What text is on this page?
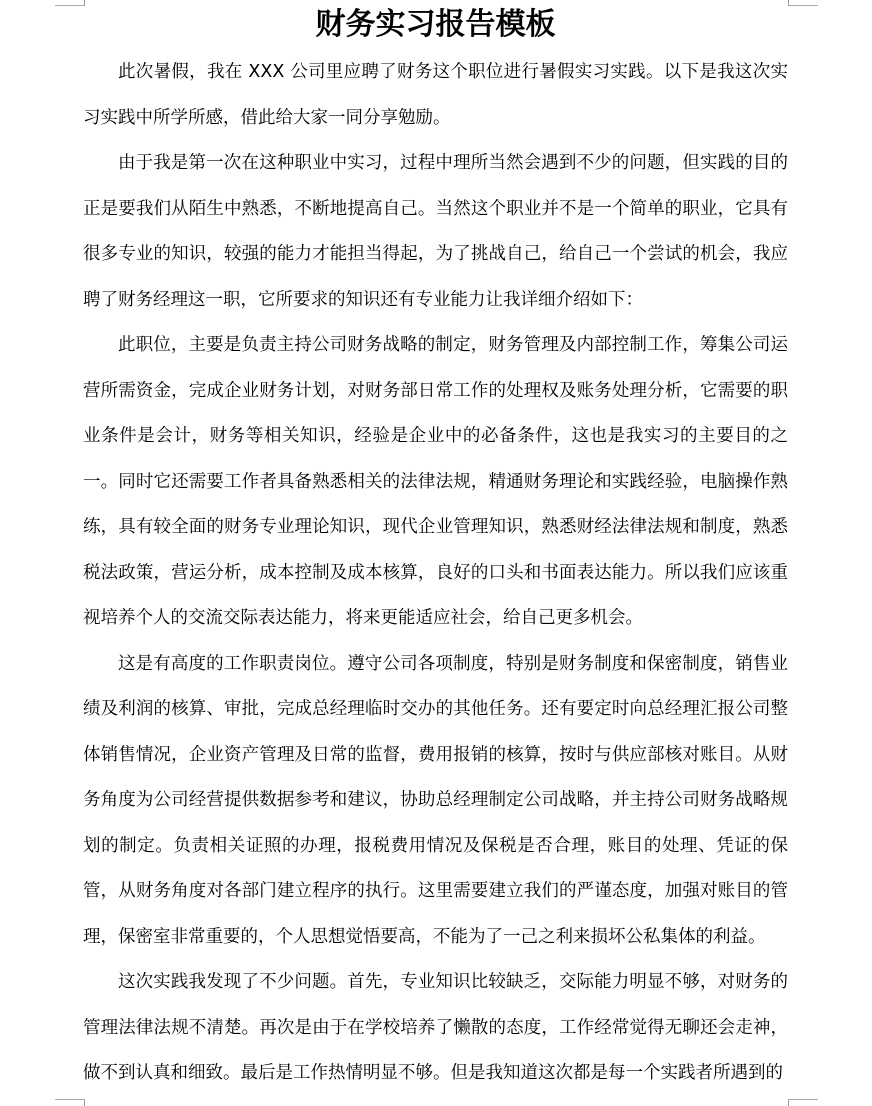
财务实习报告模板

此次暑假，我在 XXX 公司里应聘了财务这个职位进行暑假实习实践。以下是我这次实习实践中所学所感，借此给大家一同分享勉励。

由于我是第一次在这种职业中实习，过程中理所当然会遇到不少的问题，但实践的目的正是要我们从陌生中熟悉，不断地提高自己。当然这个职业并不是一个简单的职业，它具有很多专业的知识，较强的能力才能担当得起，为了挑战自己，给自己一个尝试的机会，我应聘了财务经理这一职，它所要求的知识还有专业能力让我详细介绍如下：

此职位，主要是负责主持公司财务战略的制定，财务管理及内部控制工作，筹集公司运营所需资金，完成企业财务计划，对财务部日常工作的处理权及账务处理分析，它需要的职业条件是会计，财务等相关知识，经验是企业中的必备条件，这也是我实习的主要目的之一。同时它还需要工作者具备熟悉相关的法律法规，精通财务理论和实践经验，电脑操作熟练，具有较全面的财务专业理论知识，现代企业管理知识，熟悉财经法律法规和制度，熟悉税法政策，营运分析，成本控制及成本核算，良好的口头和书面表达能力。所以我们应该重视培养个人的交流交际表达能力，将来更能适应社会，给自己更多机会。

这是有高度的工作职责岗位。遵守公司各项制度，特别是财务制度和保密制度，销售业绩及利润的核算、审批，完成总经理临时交办的其他任务。还有要定时向总经理汇报公司整体销售情况，企业资产管理及日常的监督，费用报销的核算，按时与供应部核对账目。从财务角度为公司经营提供数据参考和建议，协助总经理制定公司战略，并主持公司财务战略规划的制定。负责相关证照的办理，报税费用情况及保税是否合理，账目的处理、凭证的保管，从财务角度对各部门建立程序的执行。这里需要建立我们的严谨态度，加强对账目的管理，保密室非常重要的，个人思想觉悟要高，不能为了一己之利来损坏公私集体的利益。

这次实践我发现了不少问题。首先，专业知识比较缺乏，交际能力明显不够，对财务的管理法律法规不清楚。再次是由于在学校培养了懒散的态度，工作经常觉得无聊还会走神，做不到认真和细致。最后是工作热情明显不够。但是我知道这次都是每一个实践者所遇到的
